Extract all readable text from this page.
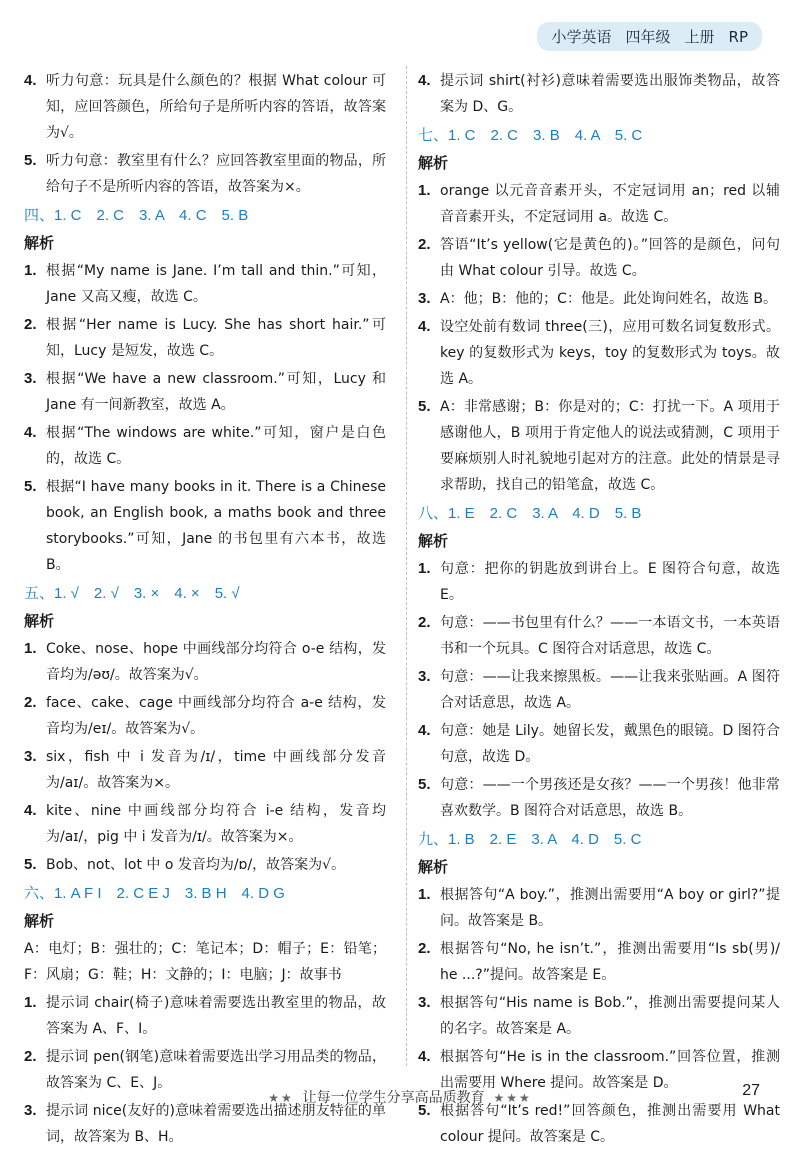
小学英语 四年级 上册 RP
4. 听力句意：玩具是什么颜色的？根据 What colour 可知，应回答颜色，所给句子是所听内容的答语，故答案为√。
5. 听力句意：教室里有什么？应回答教室里面的物品，所给句子不是所听内容的答语，故答案为×。
四、1. C　2. C　3. A　4. C　5. B
解析
1. 根据“My name is Jane. I’m tall and thin.”可知，Jane 又高又瘦，故选 C。
2. 根据“Her name is Lucy. She has short hair.”可知，Lucy 是短发，故选 C。
3. 根据“We have a new classroom.”可知，Lucy 和 Jane 有一间新教室，故选 A。
4. 根据“The windows are white.”可知，窗户是白色的，故选 C。
5. 根据“I have many books in it. There is a Chinese book, an English book, a maths book and three storybooks.”可知，Jane 的书包里有六本书，故选 B。
五、1. √　2. √　3. ×　4. ×　5. √
解析
1. Coke、nose、hope 中画线部分均符合 o-e 结构，发音均为/əʊ/。故答案为√。
2. face、cake、cage 中画线部分均符合 a-e 结构，发音均为/eɪ/。故答案为√。
3. six，fish 中 i 发音为/ɪ/，time 中画线部分发音为/aɪ/。故答案为×。
4. kite、nine 中画线部分均符合 i-e 结构，发音均为/aɪ/，pig 中 i 发音为/ɪ/。故答案为×。
5. Bob、not、lot 中 o 发音均为/ɒ/，故答案为√。
六、1. A F I　2. C E J　3. B H　4. D G
解析
A：电灯；B：强壮的；C：笔记本；D：帽子；E：铅笔；F：风扇；G：鞋；H：文静的；I：电脑；J：故事书
1. 提示词 chair(椅子)意味着需要选出教室里的物品，故答案为 A、F、I。
2. 提示词 pen(钢笔)意味着需要选出学习用品类的物品，故答案为 C、E、J。
3. 提示词 nice(友好的)意味着需要选出描述朋友特征的单词，故答案为 B、H。
4. 提示词 shirt(衬衫)意味着需要选出服饰类物品，故答案为 D、G。
七、1. C　2. C　3. B　4. A　5. C
解析
1. orange 以元音音素开头，不定冠词用 an；red 以辅音音素开头，不定冠词用 a。故选 C。
2. 答语“It’s yellow(它是黄色的)。”回答的是颜色，问句由 What colour 引导。故选 C。
3. A：他；B：他的；C：他是。此处询问姓名，故选 B。
4. 设空处前有数词 three(三)，应用可数名词复数形式。key 的复数形式为 keys，toy 的复数形式为 toys。故选 A。
5. A：非常感谢；B：你是对的；C：打扰一下。A 项用于感谢他人，B 项用于肯定他人的说法或猜测，C 项用于要麻烦别人时礼貌地引起对方的注意。此处的情景是寻求帮助，找自己的铅笔盒，故选 C。
八、1. E　2. C　3. A　4. D　5. B
解析
1. 句意：把你的钥匙放到讲台上。E 图符合句意，故选 E。
2. 句意：——书包里有什么？——一本语文书，一本英语书和一个玩具。C 图符合对话意思，故选 C。
3. 句意：——让我来擦黑板。——让我来张贴画。A 图符合对话意思，故选 A。
4. 句意：她是 Lily。她留长发，戴黑色的眼镜。D 图符合句意，故选 D。
5. 句意：——一个男孩还是女孩？——一个男孩！他非常喜欢数学。B 图符合对话意思，故选 B。
九、1. B　2. E　3. A　4. D　5. C
解析
1. 根据答句“A boy.”，推测出需要用“A boy or girl?”提问。故答案是 B。
2. 根据答句“No, he isn’t.”，推测出需要用“Is sb(男)/ he ...?”提问。故答案是 E。
3. 根据答句“His name is Bob.”，推测出需要提问某人的名字。故答案是 A。
4. 根据答句“He is in the classroom.”回答位置，推测出需要用 Where 提问。故答案是 D。
5. 根据答句“It’s red!”回答颜色，推测出需要用 What colour 提问。故答案是 C。
★★ 让每一位学生分享高品质教育 ★★★	27
